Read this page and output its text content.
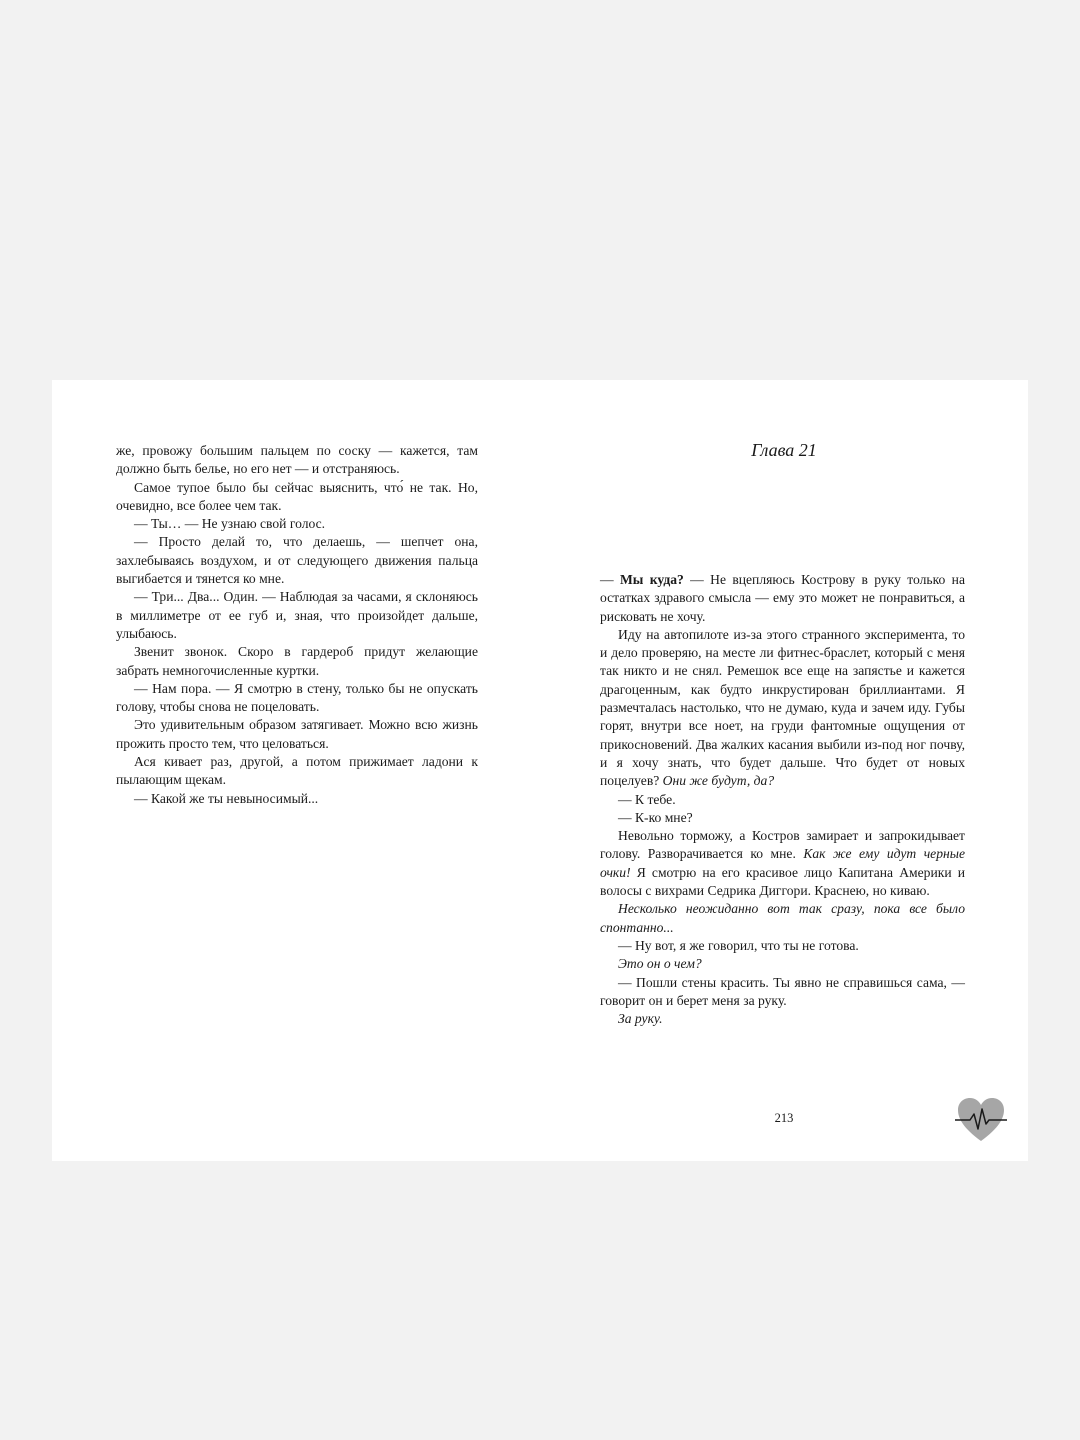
же, провожу большим пальцем по соску — кажется, там должно быть белье, но его нет — и отстраняюсь.

Самое тупое было бы сейчас выяснить, что́ не так. Но, очевидно, все более чем так.

— Ты… — Не узнаю свой голос.

— Просто делай то, что делаешь, — шепчет она, захлебываясь воздухом, и от следующего движения пальца выгибается и тянется ко мне.

— Три... Два... Один. — Наблюдая за часами, я склоняюсь в миллиметре от ее губ и, зная, что произойдет дальше, улыбаюсь.

Звенит звонок. Скоро в гардероб придут желающие забрать немногочисленные куртки.

— Нам пора. — Я смотрю в стену, только бы не опускать голову, чтобы снова не поцеловать.

Это удивительным образом затягивает. Можно всю жизнь прожить просто тем, что целоваться.

Ася кивает раз, другой, а потом прижимает ладони к пылающим щекам.

— Какой же ты невыносимый...

Глава 21

— Мы куда? — Не вцепляюсь Кострову в руку только на остатках здравого смысла — ему это может не понравиться, а рисковать не хочу.

Иду на автопилоте из-за этого странного эксперимента, то и дело проверяю, на месте ли фитнес-браслет, который с меня так никто и не снял. Ремешок все еще на запястье и кажется драгоценным, как будто инкрустирован бриллиантами. Я размечталась настолько, что не думаю, куда и зачем иду. Губы горят, внутри все ноет, на груди фантомные ощущения от прикосновений. Два жалких касания выбили из-под ног почву, и я хочу знать, что будет дальше. Что будет от новых поцелуев? Они же будут, да?

— К тебе.

— К-ко мне?

Невольно торможу, а Костров замирает и запрокидывает голову. Разворачивается ко мне. Как же ему идут черные очки! Я смотрю на его красивое лицо Капитана Америки и волосы с вихрами Седрика Диггори. Краснею, но киваю.

Несколько неожиданно вот так сразу, пока все было спонтанно...

— Ну вот, я же говорил, что ты не готова.

Это он о чем?

— Пошли стены красить. Ты явно не справишься сама, — говорит он и берет меня за руку.

За руку.

213
